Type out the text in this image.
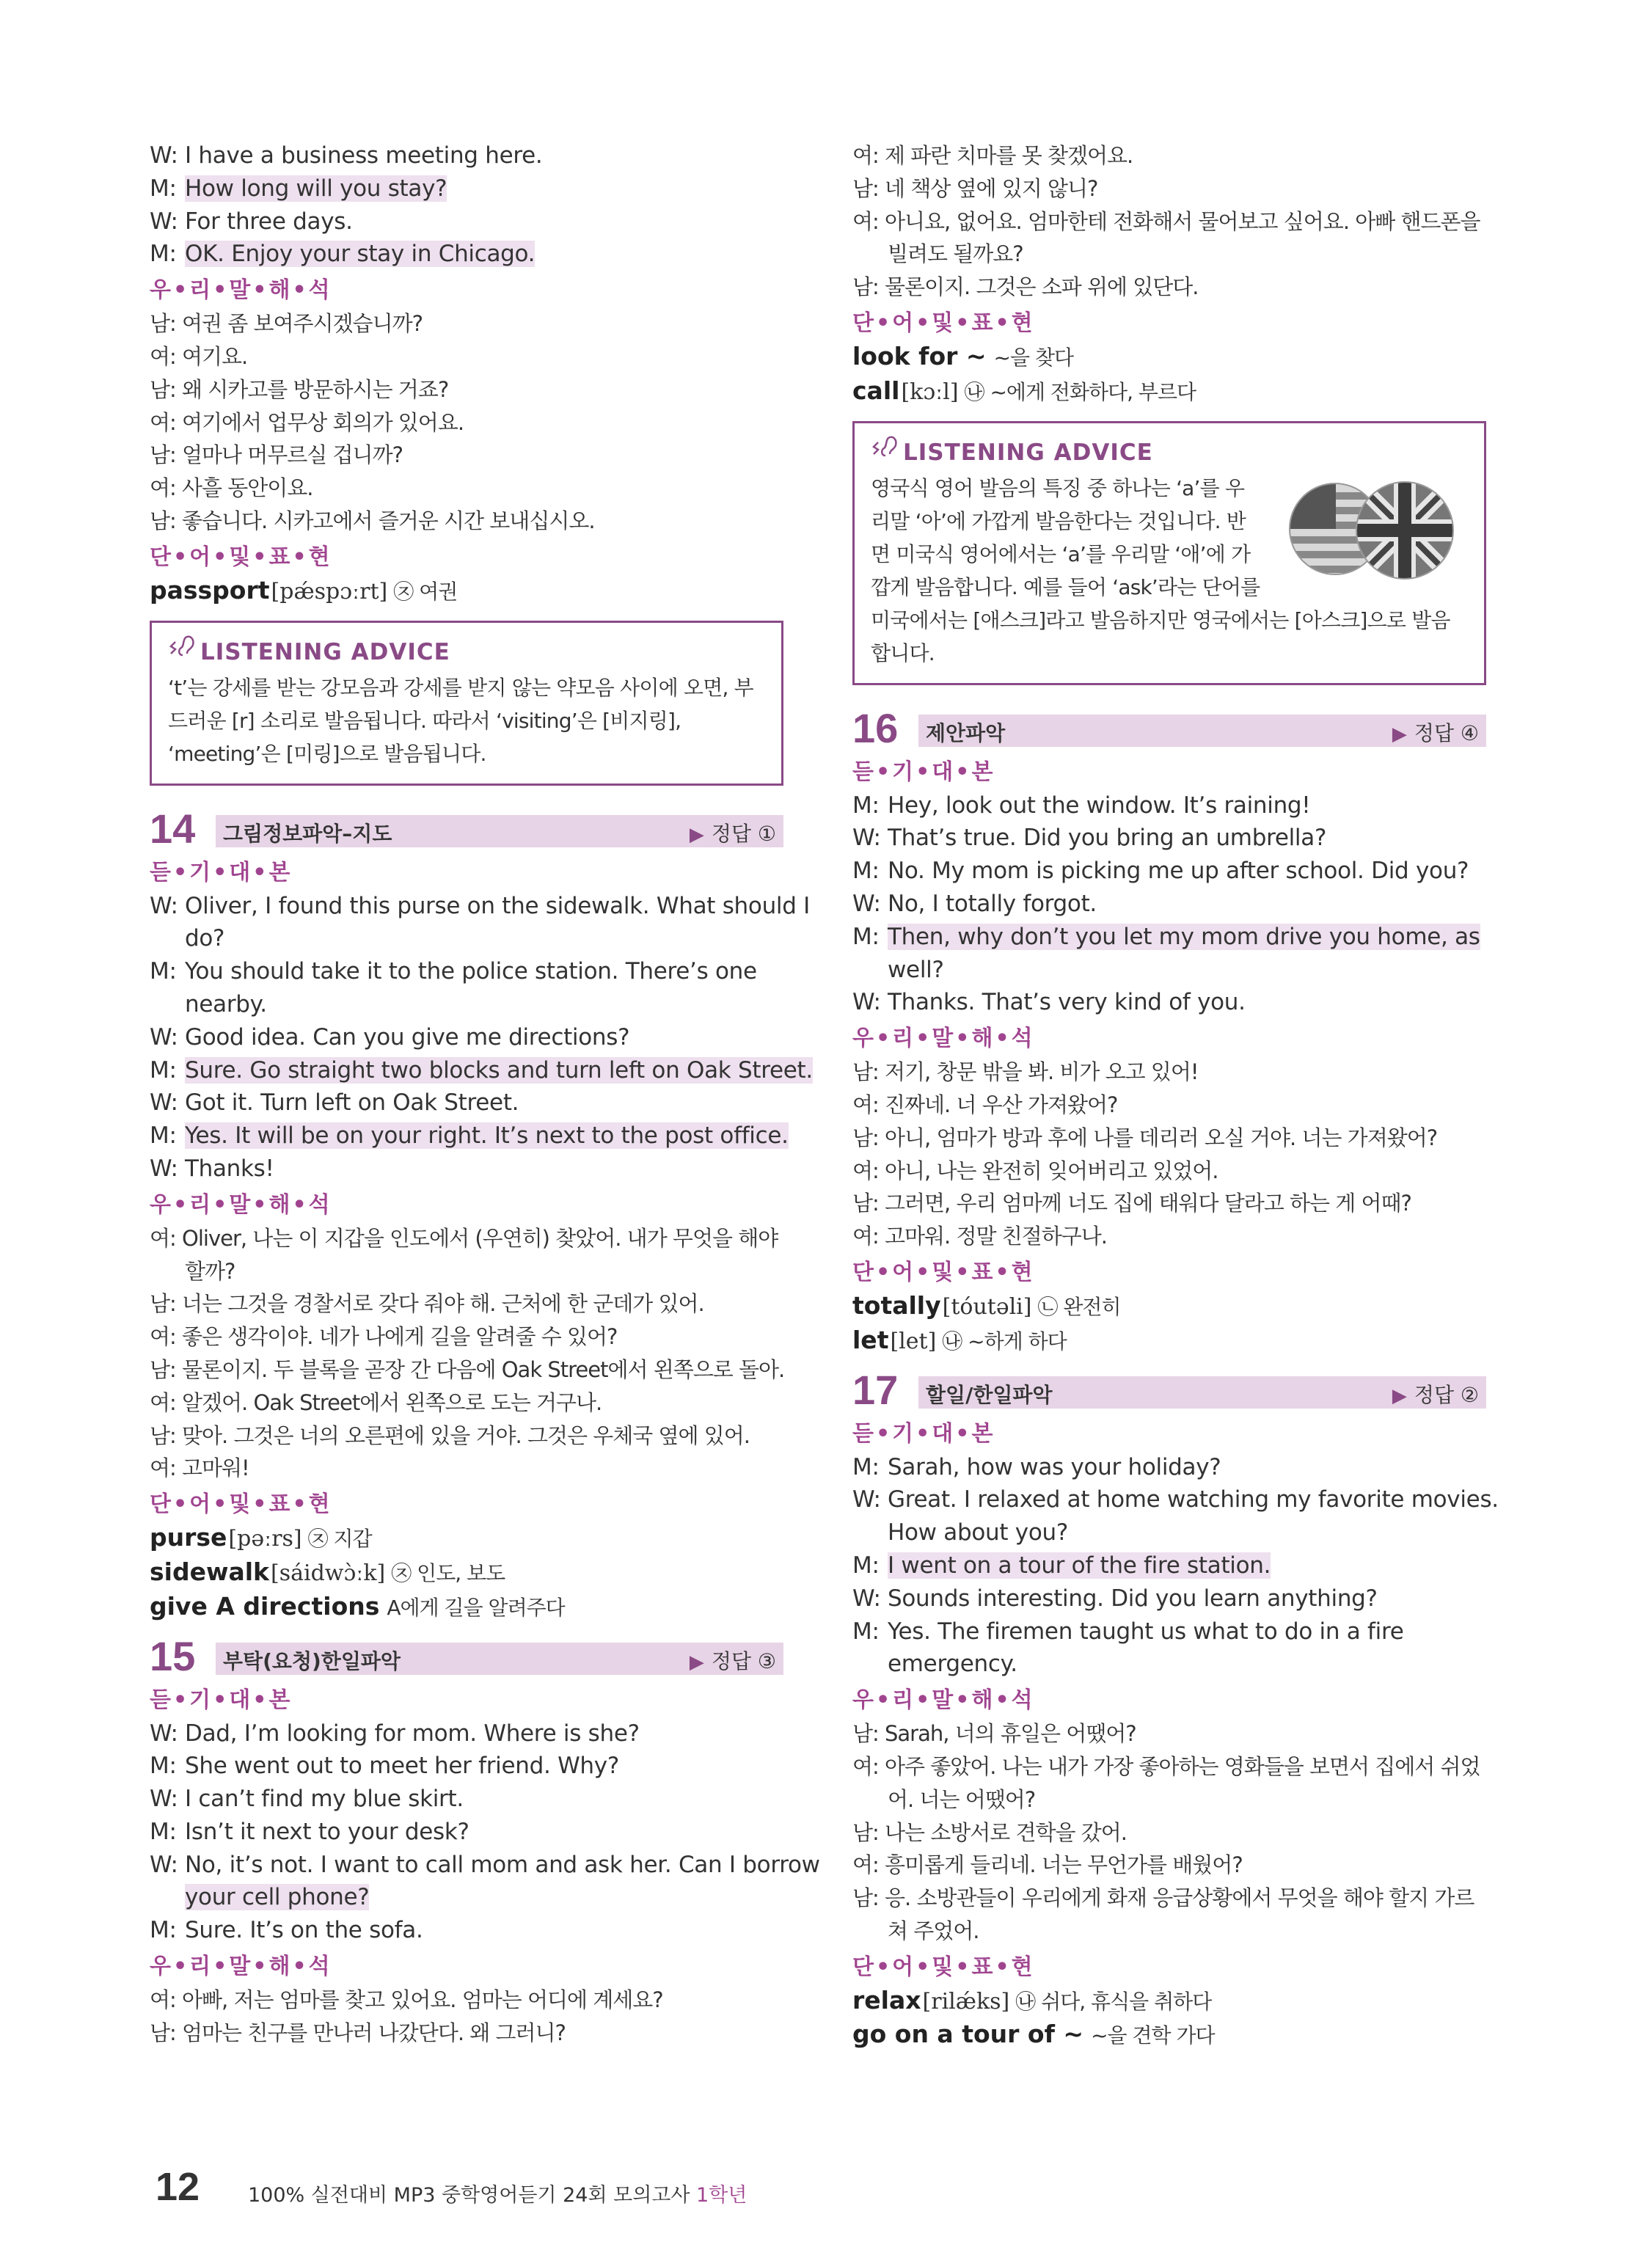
W: I have a business meeting here.
M: How long will you stay?
W: For three days.
M: OK. Enjoy your stay in Chicago.
우•리•말•해•석
남: 여권 좀 보여주시겠습니까?
여: 여기요.
남: 왜 시카고를 방문하시는 거죠?
여: 여기에서 업무상 회의가 있어요.
남: 얼마나 머무르실 겁니까?
여: 사흘 동안이요.
남: 좋습니다. 시카고에서 즐거운 시간 보내십시오.
단•어•및•표•현
passport[pǽspɔːrt] ㉨ 여권
LISTENING ADVICE
‘t’는 강세를 받는 강모음과 강세를 받지 않는 약모음 사이에 오면, 부
드러운 [r] 소리로 발음됩니다. 따라서 ‘visiting’은 [비지링],
‘meeting’은 [미링]으로 발음됩니다.
14 그림정보파악–지도	▶ 정답 ①
듣•기•대•본
W: Oliver, I found this purse on the sidewalk. What should I
do?
M: You should take it to the police station. There’s one
nearby.
W: Good idea. Can you give me directions?
M: Sure. Go straight two blocks and turn left on Oak Street.
W: Got it. Turn left on Oak Street.
M: Yes. It will be on your right. It’s next to the post office.
W: Thanks!
우•리•말•해•석
여: Oliver, 나는 이 지갑을 인도에서 (우연히) 찾았어. 내가 무엇을 해야
할까?
남: 너는 그것을 경찰서로 갖다 줘야 해. 근처에 한 군데가 있어.
여: 좋은 생각이야. 네가 나에게 길을 알려줄 수 있어?
남: 물론이지. 두 블록을 곧장 간 다음에 Oak Street에서 왼쪽으로 돌아.
여: 알겠어. Oak Street에서 왼쪽으로 도는 거구나.
남: 맞아. 그것은 너의 오른편에 있을 거야. 그것은 우체국 옆에 있어.
여: 고마워!
단•어•및•표•현
purse[pəːrs] ㉨ 지갑
sidewalk[sáidwɔ̀ːk] ㉨ 인도, 보도
give A directions A에게 길을 알려주다
15 부탁(요청)한일파악	▶ 정답 ③
듣•기•대•본
W: Dad, I’m looking for mom. Where is she?
M: She went out to meet her friend. Why?
W: I can’t find my blue skirt.
M: Isn’t it next to your desk?
W: No, it’s not. I want to call mom and ask her. Can I borrow
your cell phone?
M: Sure. It’s on the sofa.
우•리•말•해•석
여: 아빠, 저는 엄마를 찾고 있어요. 엄마는 어디에 계세요?
남: 엄마는 친구를 만나러 나갔단다. 왜 그러니?
여: 제 파란 치마를 못 찾겠어요.
남: 네 책상 옆에 있지 않니?
여: 아니요, 없어요. 엄마한테 전화해서 물어보고 싶어요. 아빠 핸드폰을
빌려도 될까요?
남: 물론이지. 그것은 소파 위에 있단다.
단•어•및•표•현
look for ~ ~을 찾다
call[kɔːl] ㉯ ~에게 전화하다, 부르다
LISTENING ADVICE
영국식 영어 발음의 특징 중 하나는 ‘a’를 우
리말 ‘아’에 가깝게 발음한다는 것입니다. 반
면 미국식 영어에서는 ‘a’를 우리말 ‘애’에 가
깝게 발음합니다. 예를 들어 ‘ask’라는 단어를
미국에서는 [애스크]라고 발음하지만 영국에서는 [아스크]으로 발음
합니다.
16 제안파악	▶ 정답 ④
듣•기•대•본
M: Hey, look out the window. It’s raining!
W: That’s true. Did you bring an umbrella?
M: No. My mom is picking me up after school. Did you?
W: No, I totally forgot.
M: Then, why don’t you let my mom drive you home, as
well?
W: Thanks. That’s very kind of you.
우•리•말•해•석
남: 저기, 창문 밖을 봐. 비가 오고 있어!
여: 진짜네. 너 우산 가져왔어?
남: 아니, 엄마가 방과 후에 나를 데리러 오실 거야. 너는 가져왔어?
여: 아니, 나는 완전히 잊어버리고 있었어.
남: 그러면, 우리 엄마께 너도 집에 태워다 달라고 하는 게 어때?
여: 고마워. 정말 친절하구나.
단•어•및•표•현
totally[tóutəli] ㉡ 완전히
let[let] ㉯ ~하게 하다
17 할일/한일파악	▶ 정답 ②
듣•기•대•본
M: Sarah, how was your holiday?
W: Great. I relaxed at home watching my favorite movies.
How about you?
M: I went on a tour of the fire station.
W: Sounds interesting. Did you learn anything?
M: Yes. The firemen taught us what to do in a fire
emergency.
우•리•말•해•석
남: Sarah, 너의 휴일은 어땠어?
여: 아주 좋았어. 나는 내가 가장 좋아하는 영화들을 보면서 집에서 쉬었
어. 너는 어땠어?
남: 나는 소방서로 견학을 갔어.
여: 흥미롭게 들리네. 너는 무언가를 배웠어?
남: 응. 소방관들이 우리에게 화재 응급상황에서 무엇을 해야 할지 가르
쳐 주었어.
단•어•및•표•현
relax[rilǽks] ㉯ 쉬다, 휴식을 취하다
go on a tour of ~ ~을 견학 가다
12 100% 실전대비 MP3 중학영어듣기 24회 모의고사 1학년
